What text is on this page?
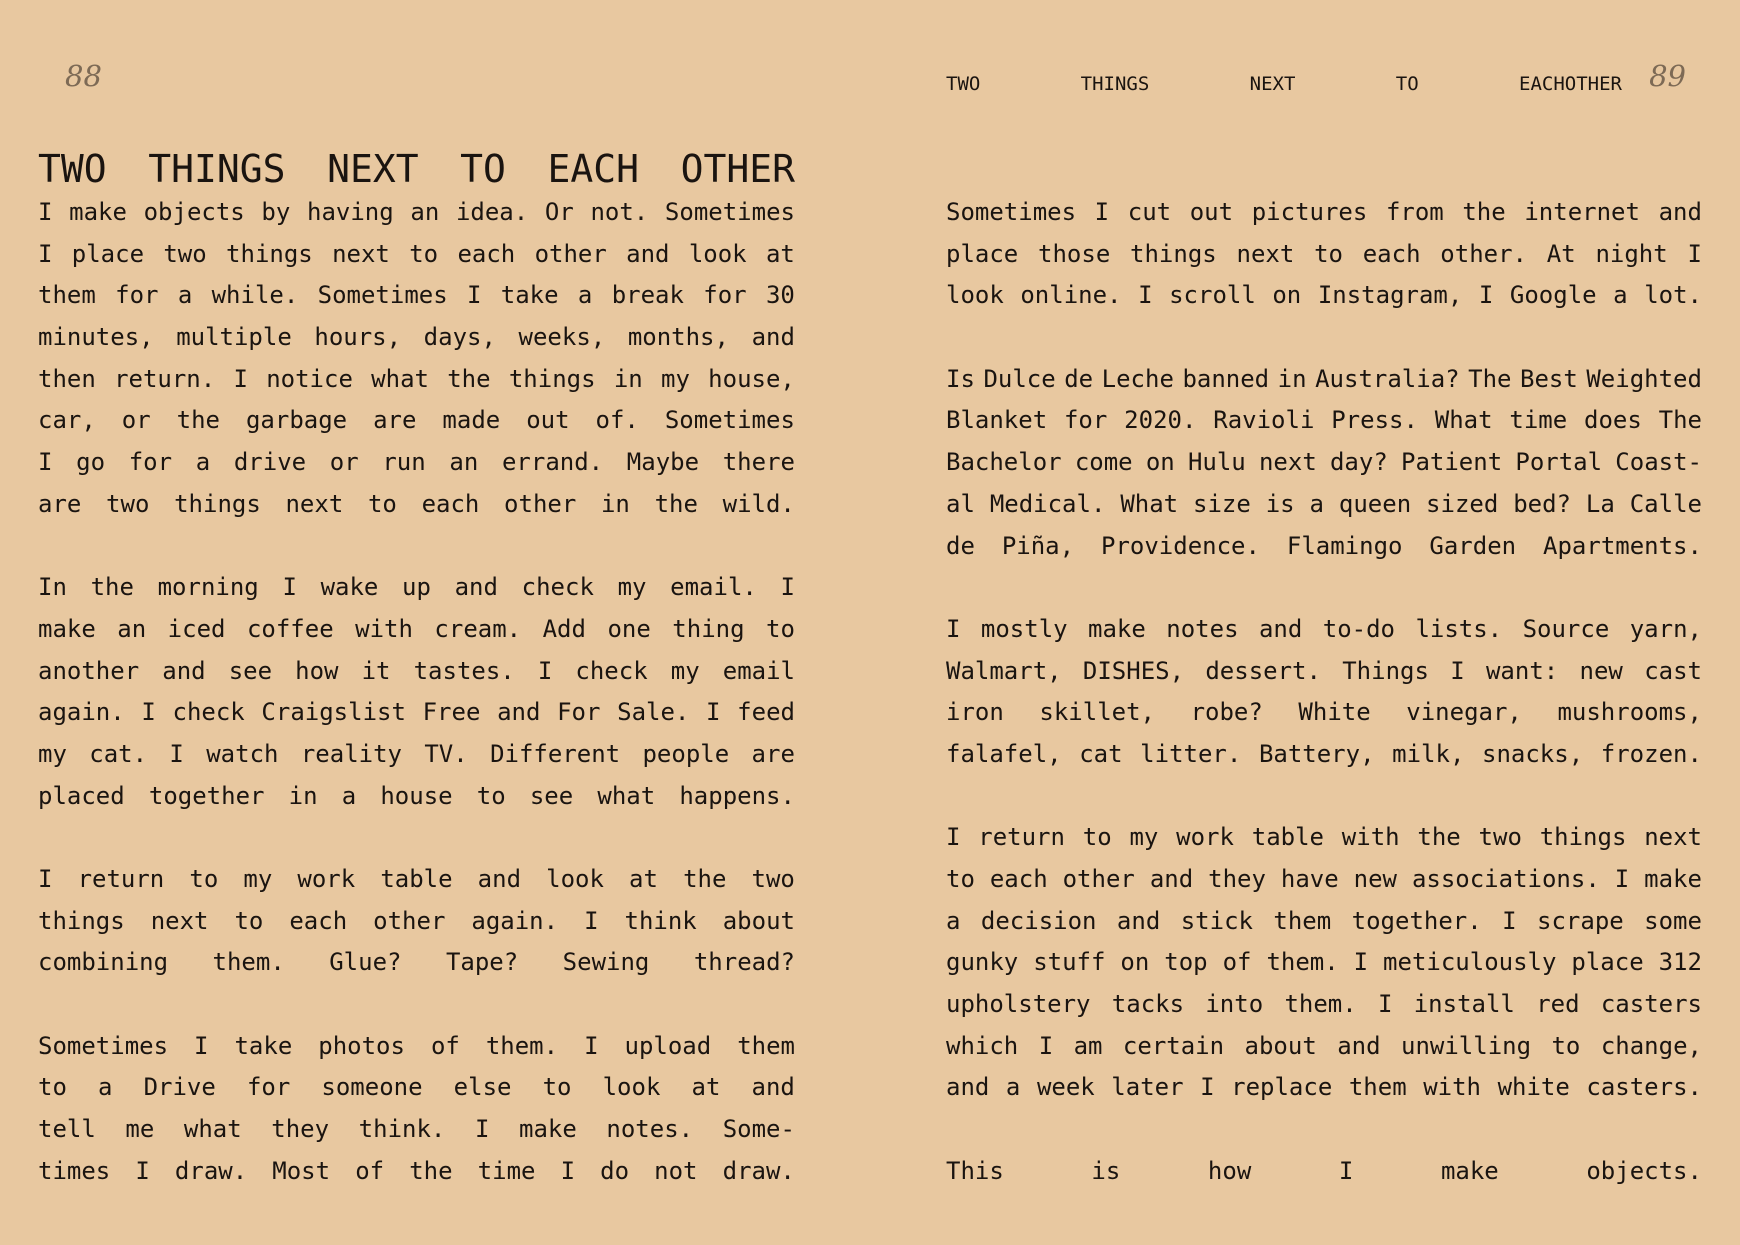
88
TWO THINGS NEXT TO EACH OTHER
I make objects by having an idea. Or not. Sometimes
I place two things next to each other and look at
them for a while. Sometimes I take a break for 30
minutes, multiple hours, days, weeks, months, and
then return. I notice what the things in my house,
car, or the garbage are made out of. Sometimes
I go for a drive or run an errand. Maybe there
are two things next to each other in the wild.
In the morning I wake up and check my email. I
make an iced coffee with cream. Add one thing to
another and see how it tastes. I check my email
again. I check Craigslist Free and For Sale. I feed
my cat. I watch reality TV. Different people are
placed together in a house to see what happens.
I return to my work table and look at the two
things next to each other again. I think about
combining them. Glue? Tape? Sewing thread?
Sometimes I take photos of them. I upload them
to a Drive for someone else to look at and
tell me what they think. I make notes. Some-
times I draw. Most of the time I do not draw.
TWO	THINGS	NEXT	TO	EACHOTHER 89
Sometimes I cut out pictures from the internet and
place those things next to each other. At night I
look online. I scroll on Instagram, I Google a lot.
Is Dulce de Leche banned in Australia? The Best Weighted
Blanket for 2020. Ravioli Press. What time does The
Bachelor come on Hulu next day? Patient Portal Coast-
al Medical. What size is a queen sized bed? La Calle
de Piña, Providence. Flamingo Garden Apartments.
I mostly make notes and to-do lists. Source yarn,
Walmart, DISHES, dessert. Things I want: new cast
iron skillet, robe? White vinegar, mushrooms,
falafel, cat litter. Battery, milk, snacks, frozen.
I return to my work table with the two things next
to each other and they have new associations. I make
a decision and stick them together. I scrape some
gunky stuff on top of them. I meticulously place 312
upholstery tacks into them. I install red casters
which I am certain about and unwilling to change,
and a week later I replace them with white casters.
This	is	how	I	make	objects.
